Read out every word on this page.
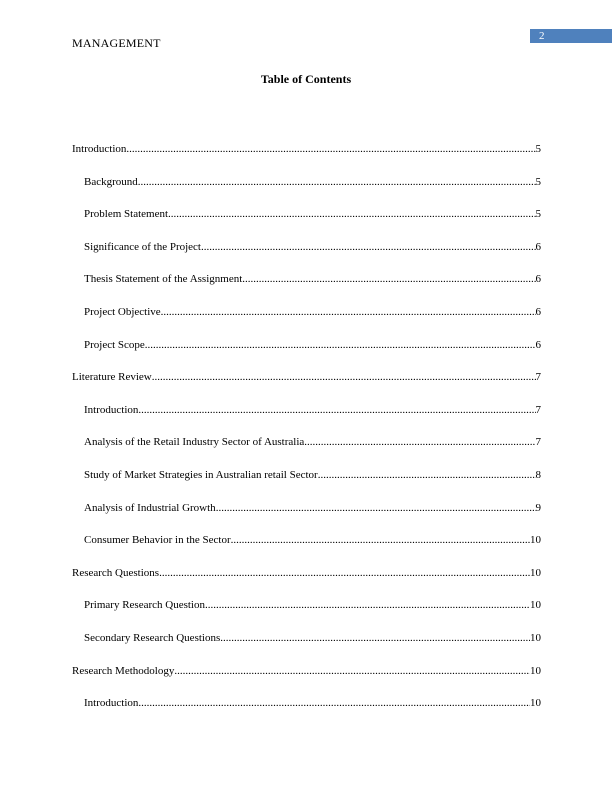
2
MANAGEMENT
Table of Contents
Introduction .....	5
Background .....	5
Problem Statement .....	5
Significance of the Project .....	6
Thesis Statement of the Assignment .....	6
Project Objective .....	6
Project Scope .....	6
Literature Review .....	7
Introduction .....	7
Analysis of the Retail Industry Sector of Australia .....	7
Study of Market Strategies in Australian retail Sector .....	8
Analysis of Industrial Growth .....	9
Consumer Behavior in the Sector .....	10
Research Questions .....	10
Primary Research Question .....	10
Secondary Research Questions .....	10
Research Methodology .....	10
Introduction .....	10
